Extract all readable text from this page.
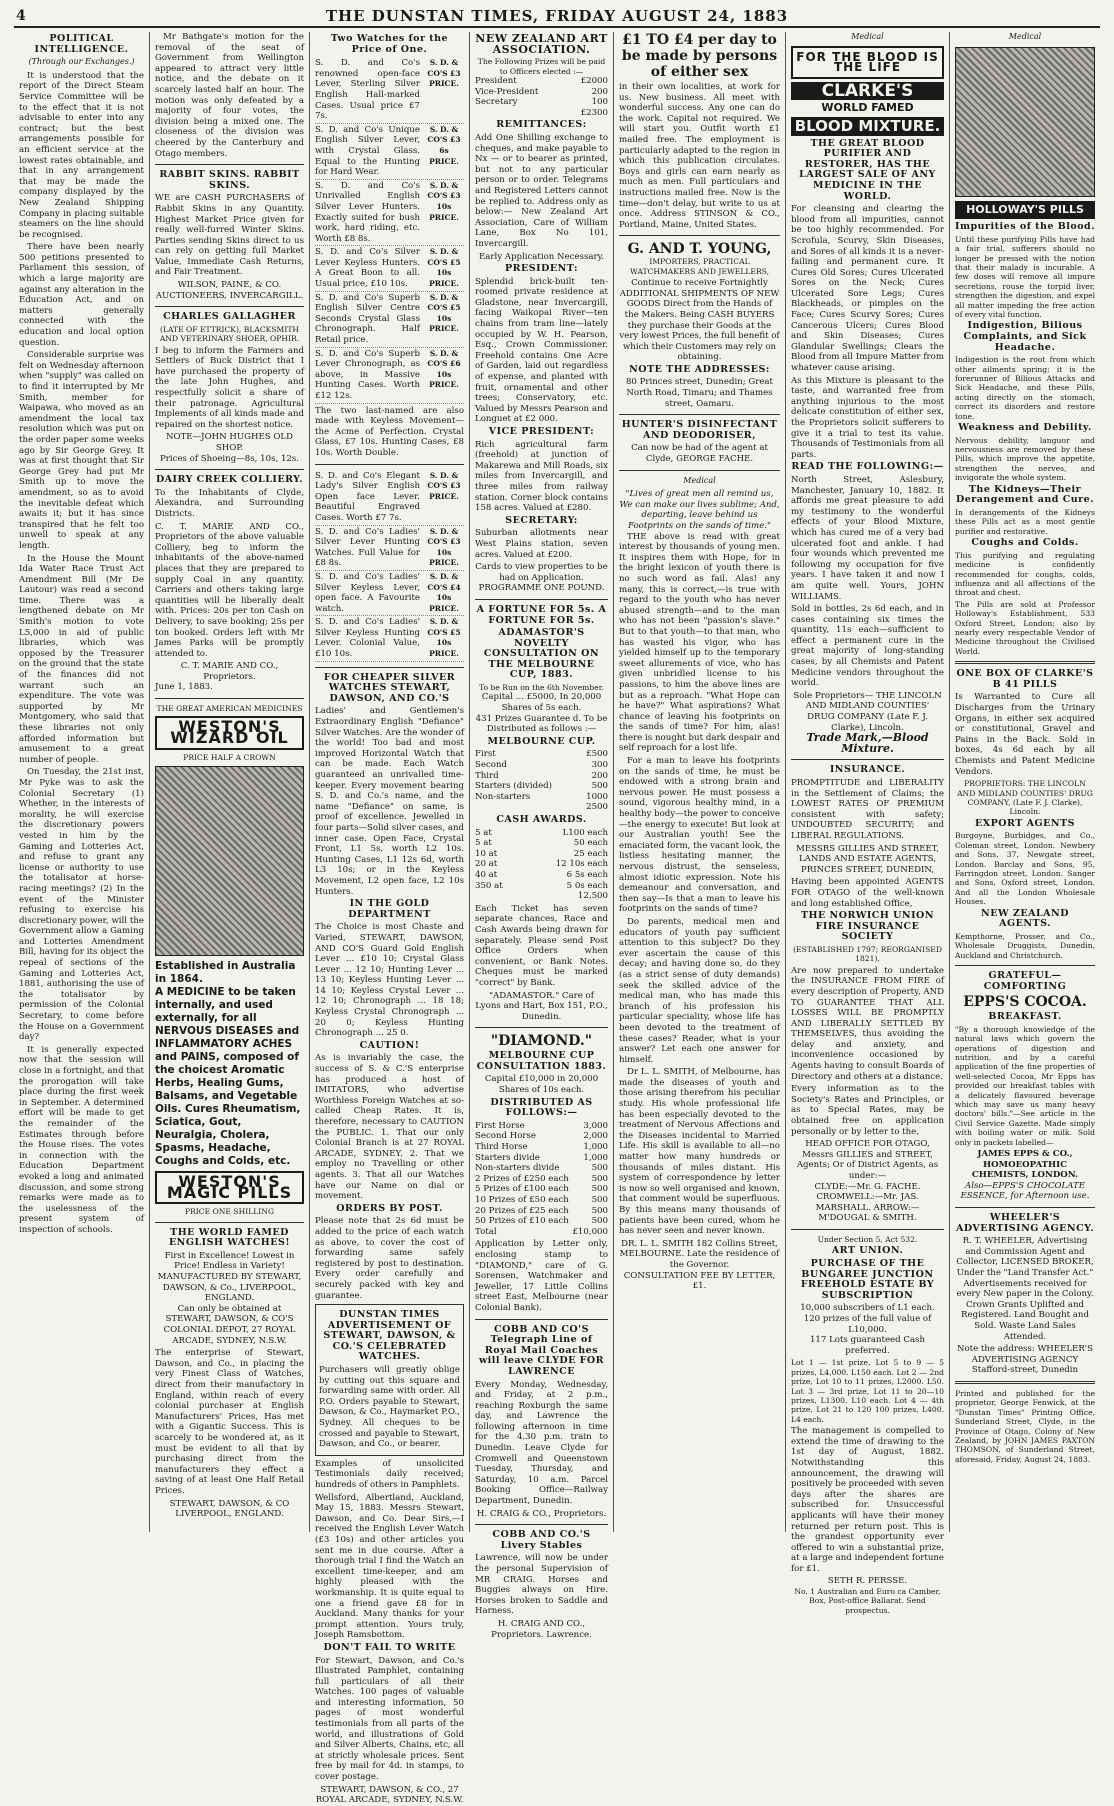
4	THE DUNSTAN TIMES, FRIDAY AUGUST 24, 1883
POLITICAL INTELLIGENCE.
(Through our Exchanges.)

It is understood that the report of the Direct Steam Service Committee will be to the effect that it is not advisable to enter into any contract; but the best arrangements possible for an efficient service at the lowest rates obtainable, and that in any arrangement that may be made the company displayed by the New Zealand Shipping Company in placing suitable steamers on the line should be recognised.

There have been nearly 500 petitions presented to Parliament this session, of which a large majority are against any alteration in the Education Act, and on matters generally connected with the education and local option question.

Considerable surprise was felt on Wednesday afternoon when "supply" was called on to find it interrupted by Mr Smith, member for Waipawa, who moved as an amendment the local tax resolution which was put on the order paper some weeks ago by Sir George Grey. It was at first thought that Sir George Grey had put Mr Smith up to move the amendment, so as to avoid the inevitable defeat which awaits it; but it has since transpired that he felt too unwell to speak at any length.

In the House the Mount Ida Water Race Trust Act Amendment Bill (Mr De Lautour) was read a second time. There was a lengthened debate on Mr Smith's motion to vote L5,000 in aid of public libraries, which was opposed by the Treasurer on the ground that the state of the finances did not warrant such an expenditure. The vote was supported by Mr Montgomery, who said that these libraries not only afforded information but amusement to a great number of people.

On Tuesday, the 21st inst, Mr Pyke was to ask the Colonial Secretary (1) Whether, in the interests of morality, he will exercise the discretionary powers vested in him by the Gaming and Lotteries Act, and refuse to grant any license or authority to use the totalisator at horse-racing meetings? (2) In the event of the Minister refusing to exercise his discretionary power, will the Government allow a Gaming and Lotteries Amendment Bill, having for its object the repeal of sections of the Gaming and Lotteries Act, 1881, authorising the use of the totalisator by permission of the Colonial Secretary, to come before the House on a Government day?

It is generally expected now that the session will close in a fortnight, and that the prorogation will take place during the first week in September. A determined effort will be made to get the remainder of the Estimates through before the House rises. The votes in connection with the Education Department evoked a long and animated discussion, and some strong remarks were made as to the uselessness of the present system of inspection of schools.

Mr Bathgate's motion for the removal of the seat of Government from Wellington appeared to attract very little notice, and the debate on it scarcely lasted half an hour. The motion was only defeated by a majority of four votes, the division being a mixed one. The closeness of the division was cheered by the Canterbury and Otago members.

RABBIT SKINS. RABBIT SKINS.

WE are CASH PURCHASERS of Rabbit Skins in any Quantity. Highest Market Price given for really well-furred Winter Skins. Parties sending Skins direct to us can rely on getting full Market Value, Immediate Cash Returns, and Fair Treatment.

WILSON, PAINE, & CO. AUCTIONEERS, INVERCARGILL.

CHARLES GALLAGHER
(LATE OF ETTRICK), BLACKSMITH AND VETERINARY SHOER, OPHIR.

I beg to inform the Farmers and Settlers of Buck District that I have purchased the property of the late John Hughes, and respectfully solicit a share of their patronage. Agricultural Implements of all kinds made and repaired on the shortest notice.

NOTE—JOHN HUGHES OLD SHOP.

Prices of Shoeing—8s, 10s, 12s.

DAIRY CREEK COLLIERY.

To the Inhabitants of Clyde, Alexandra, and Surrounding Districts.

C. T. MARIE AND CO., Proprietors of the above valuable Colliery, beg to inform the inhabitants of the above-named places that they are prepared to supply Coal in any quantity. Carriers and others taking large quantities will be liberally dealt with. Prices: 20s per ton Cash on Delivery, to save booking; 25s per ton booked. Orders left with Mr James Parks will be promptly attended to.

C. T. MARIE AND CO., Proprietors.

June 1, 1883.

THE GREAT AMERICAN MEDICINES
WESTON'S WIZARD OIL
PRICE HALF A CROWN
Established in Australia in 1864.
A MEDICINE to be taken internally, and used externally, for all NERVOUS DISEASES and INFLAMMATORY ACHES and PAINS, composed of the choicest Aromatic Herbs, Healing Gums, Balsams, and Vegetable Oils. Cures Rheumatism, Sciatica, Gout, Neuralgia, Cholera, Spasms, Headache, Coughs and Colds, etc.
WESTON'S MAGIC PILLS
PRICE ONE SHILLING
THE WORLD FAMED ENGLISH WATCHES!

First in Excellence! Lowest in Price! Endless in Variety!

MANUFACTURED BY STEWART, DAWSON, & Co., LIVERPOOL, ENGLAND.

Can only be obtained at STEWART, DAWSON, & CO'S COLONIAL DEPOT, 27 ROYAL ARCADE, SYDNEY, N.S.W.

The enterprise of Stewart, Dawson, and Co., in placing the very Finest Class of Watches, direct from their manufactory in England, within reach of every colonial purchaser at English Manufacturers' Prices, Has met with a Gigantic Success. This is scarcely to be wondered at, as it must be evident to all that by purchasing direct from the manufacturers they effect a saving of at least One Half Retail Prices.

STEWART, DAWSON, & CO LIVERPOOL, ENGLAND.

Two Watches for the Price of One.
S. D. and Co's renowned open-face Lever, Sterling Silver English Hall-marked Cases. Usual price £7 7s.
S. D. & CO'S £3 PRICE.
S. D. and Co's Unique English Silver Lever, with Crystal Glass. Equal to the Hunting for Hard Wear.
S. D. & CO'S £3 6s PRICE.
S. D. and Co's Unrivalled English Silver Lever Hunters. Exactly suited for bush work, hard riding, etc. Worth £8 8s.
S. D. & CO'S £3 10s PRICE.
S. D. and Co's Silver Lever Keyless Hunters. A Great Boon to all. Usual price, £10 10s.
S. D. & CO'S £5 10s PRICE.
S. D. and Co's Superb English Silver Centre Seconds Crystal Glass Chronograph. Half Retail price.
S. D. & CO'S £5 10s PRICE.
S. D. and Co's Superb Lever Chronograph, as above, in Massive Hunting Cases. Worth £12 12s.
S. D. & CO'S £6 10s PRICE.

The two last-named are also made with Keyless Movement—the Acme of Perfection. Crystal Glass, £7 10s. Hunting Cases, £8 10s. Worth Double.

S. D. and Co's Elegant Lady's Silver English Open face Lever. Beautiful Engraved Cases. Worth £7 7s.
S. D. & CO'S £3 PRICE.
S. D. and Co's Ladies' Silver Lever Hunting Watches. Full Value for £8 8s.
S. D. & CO'S £3 10s PRICE.
S. D. and Co's Ladies' Silver Keyless Lever, open face. A Favourite watch.
S. D. & CO'S £4 10s PRICE.
S. D. and Co's Ladies' Silver Keyless Hunting Lever. Colonial Value, £10 10s.
S. D. & CO'S £5 10s PRICE.
FOR CHEAPER SILVER WATCHES STEWART, DAWSON, AND CO.'S

Ladies' and Gentlemen's Extraordinary English "Defiance" Silver Watches. Are the wonder of the world! Too bad and most improved Horizontal Watch that can be made. Each Watch guaranteed an unrivalled time-keeper. Every movement bearing S. D. and Co.'s name, and the name "Defiance" on same, is proof of excellence. Jewelled in four parts—Solid silver cases, and inner case. Open Face, Crystal Front, L1 5s, worth L2 10s. Hunting Cases, L1 12s 6d, worth L3 10s; or in the Keyless Movement, L2 open face, L2 10s Hunters.

IN THE GOLD DEPARTMENT

The Choice is most Chaste and Varied, STEWART, DAWSON, AND CO'S Guard Gold English Lever ... £10 10; Crystal Glass Lever ... 12 10; Hunting Lever ... 13 10; Keyless Hunting Lever ... 14 10; Keyless Crystal Lever ... 12 10; Chronograph ... 18 18; Keyless Crystal Chronograph ... 20 0; Keyless Hunting Chronograph ... 25 0.

CAUTION!

As is invariably the case, the success of S. & C.'S enterprise has produced a host of IMITATORS, who advertise Worthless Foreign Watches at so-called Cheap Rates. It is, therefore, necessary to CAUTION the PUBLIC. 1. That our only Colonial Branch is at 27 ROYAL ARCADE, SYDNEY. 2. That we employ no Travelling or other agents. 3. That all our Watches have our Name on dial or movement.

ORDERS BY POST.

Please note that 2s 6d must be added to the price of each watch as above, to cover the cost of forwarding same safely registered by post to destination. Every order carefully and securely packed with key and guarantee.

DUNSTAN TIMES ADVERTISEMENT OF STEWART, DAWSON, & CO.'S CELEBRATED WATCHES.

Purchasers will greatly oblige by cutting out this square and forwarding same with order. All P.O. Orders payable to Stewart, Dawson, & Co., Haymarket P.O., Sydney. All cheques to be crossed and payable to Stewart, Dawson, and Co., or bearer.

Examples of unsolicited Testimonials daily received; hundreds of others in Pamphlets.

Wellsford, Albertland, Auckland, May 15, 1883. Messrs Stewart, Dawson, and Co. Dear Sirs,—I received the English Lever Watch (£3 10s) and other articles you sent me in due course. After a thorough trial I find the Watch an excellent time-keeper, and am highly pleased with the workmanship. It is quite equal to one a friend gave £8 for in Auckland. Many thanks for your prompt attention. Yours truly, Joseph Ramsbottom.

DON'T FAIL TO WRITE

For Stewart, Dawson, and Co.'s Illustrated Pamphlet, containing full particulars of all their Watches. 100 pages of valuable and interesting information, 50 pages of most wonderful testimonials from all parts of the world, and illustrations of Gold and Silver Alberts, Chains, etc, all at strictly wholesale prices. Sent free by mail for 4d. in stamps, to cover postage.

STEWART, DAWSON, & CO., 27 ROYAL ARCADE, SYDNEY, N.S.W.

NEW ZEALAND ART ASSOCIATION.
The Following Prizes will be paid to Officers elected :—
President	£2000
Vice-President	200
Secretary	100
£2300
REMITTANCES:

Add One Shilling exchange to cheques, and make payable to Nx — or to bearer as printed, but not to any particular person or to order. Telegrams and Registered Letters cannot be replied to. Address only as below:— New Zealand Art Association, Care of William Lane, Box No 101, Invercargill.

Early Application Necessary.

PRESIDENT:

Splendid brick-built ten-roomed private residence at Gladstone, near Invercargill, facing Waikopai River—ten chains from tram line—lately occupied by W. H. Pearson, Esq., Crown Commissioner. Freehold contains One Acre of Garden, laid out regardless of expense, and planted with fruit, ornamental and other trees; Conservatory, etc. Valued by Messrs Pearson and Longuet at £2 000.

VICE PRESIDENT:

Rich agricultural farm (freehold) at junction of Makarewa and Mill Roads, six miles from Invercargill, and three miles from railway station. Corner block contains 158 acres. Valued at £280.

SECRETARY:

Suburban allotments near West Plains station, seven acres. Valued at £200.

Cards to view properties to be had on Application. PROGRAMME ONE POUND.

A FORTUNE FOR 5s. A FORTUNE FOR 5s.
ADAMASTOR'S NOVELTY CONSULTATION ON THE MELBOURNE CUP, 1883.
To be Run on the 6th November.

Capital ... £5000, In 20,000 Shares of 5s each.

431 Prizes Guarantee d. To be Distributed as follows :—

MELBOURNE CUP.
First	£500
Second	300
Third	200
Starters (divided)	500
Non-starters	1000
2500
CASH AWARDS.
5 at	L100 each
5 at	50 each
10 at	25 each
20 at	12 10s each
40 at	6 5s each
350 at	5 0s each
12,500

Each Ticket has seven separate chances, Race and Cash Awards being drawn for separately. Please send Post Office Orders when convenient, or Bank Notes. Cheques must be marked "correct" by Bank.

"ADAMASTOR." Care of Lyons and Hart, Box 151, P.O., Dunedin.

"DIAMOND."
MELBOURNE CUP CONSULTATION 1883.

Capital £10,000 in 20,000 Shares of 10s each.

DISTRIBUTED AS FOLLOWS:—
First Horse	3,000
Second Horse	2,000
Third Horse	1,000
Starters divide	1,000
Non-starters divide	500
2 Prizes of £250 each	500
5 Prizes of £100 each	500
10 Prizes of £50 each	500
20 Prizes of £25 each	500
50 Prizes of £10 each	500
Total	£10,000

Application by Letter only, enclosing stamp to "DIAMOND," care of G. Sorensen, Watchmaker and Jeweller, 17 Little Collins street East, Melbourne (near Colonial Bank).

COBB AND CO'S Telegraph Line of Royal Mail Coaches will leave CLYDE FOR LAWRENCE

Every Monday, Wednesday, and Friday, at 2 p.m., reaching Roxburgh the same day, and Lawrence the following afternoon in time for the 4.30 p.m. train to Dunedin. Leave Clyde for Cromwell and Queenstown Tuesday, Thursday, and Saturday, 10 a.m. Parcel Booking Office—Railway Department, Dunedin.

H. CRAIG & CO., Proprietors.

COBB AND CO.'S Livery Stables

Lawrence, will now be under the personal Supervision of MR CRAIG. Horses and Buggies always on Hire. Horses broken to Saddle and Harness.

H. CRAIG AND CO., Proprietors. Lawrence.

£1 TO £4 per day to be made by persons of either sex

in their own localities, at work for us. New business. All meet with wonderful success. Any one can do the work. Capital not required. We will start you. Outfit worth £1 mailed free. The employment is particularly adapted to the region in which this publication circulates. Boys and girls can earn nearly as much as men. Full particulars and instructions mailed free. Now is the time—don't delay, but write to us at once. Address STINSON & CO., Portland, Maine, United States.

G. AND T. YOUNG,
IMPORTERS, PRACTICAL WATCHMAKERS AND JEWELLERS,

Continue to receive Fortnightly ADDITIONAL SHIPMENTS OF NEW GOODS Direct from the Hands of the Makers. Being CASH BUYERS they purchase their Goods at the very lowest Prices, the full benefit of which their Customers may rely on obtaining.

NOTE THE ADDRESSES:

80 Princes street, Dunedin; Great North Road, Timaru; and Thames street, Oamaru.

HUNTER'S DISINFECTANT AND DEODORISER,

Can now be had of the agent at Clyde, GEORGE FACHE.

Medical

"Lives of great men all remind us, We can make our lives sublime; And, departing, leave behind us Footprints on the sands of time."

THE above is read with great interest by thousands of young men. It inspires them with Hope, for in the bright lexicon of youth there is no such word as fail. Alas! any many, this is correct,—is true with regard to the youth who has never abused strength—and to the man who has not been "passion's slave." But to that youth—to that man, who has wasted his vigor, who has yielded himself up to the temporary sweet allurements of vice, who has given unbridled license to his passions, to him the above lines are but as a reproach. "What Hope can he have?" What aspirations? What chance of leaving his footprints on the sands of time? For him, alas! there is nought but dark despair and self reproach for a lost life.

For a man to leave his footprints on the sands of time, he must be endowed with a strong brain and nervous power. He must possess a sound, vigorous healthy mind, in a healthy body—the power to conceive—the energy to execute! But look at our Australian youth! See the emaciated form, the vacant look, the listless hesitating manner, the nervous distrust, the senseless, almost idiotic expression. Note his demeanour and conversation, and then say—Is that a man to leave his footprints on the sands of time?

Do parents, medical men and educators of youth pay sufficient attention to this subject? Do they ever ascertain the cause of this decay; and having done so, do they (as a strict sense of duty demands) seek the skilled advice of the medical man, who has made this branch of his profession his particular speciality, whose life has been devoted to the treatment of these cases? Reader, what is your answer? Let each one answer for himself.

Dr L. L. SMITH, of Melbourne, has made the diseases of youth and those arising therefrom his peculiar study. His whole professional life has been especially devoted to the treatment of Nervous Affections and the Diseases incidental to Married Life. His skill is available to all—no matter how many hundreds or thousands of miles distant. His system of correspondence by letter is now so well organised and known, that comment would be superfluous. By this means many thousands of patients have been cured, whom he has never seen and never known.

DR. L. L. SMITH 182 Collins Street, MELBOURNE. Late the residence of the Governor.

CONSULTATION FEE BY LETTER, £1.

Medical
FOR THE BLOOD IS THE LIFE
CLARKE'S
WORLD FAMED
BLOOD MIXTURE.
THE GREAT BLOOD PURIFIER AND RESTORER, HAS THE LARGEST SALE OF ANY MEDICINE IN THE WORLD.

For cleansing and clearing the blood from all impurities, cannot be too highly recommended. For Scrofula, Scurvy, Skin Diseases, and Sores of all kinds it is a never-failing and permanent cure. It Cures Old Sores; Cures Ulcerated Sores on the Neck; Cures Ulcerated Sore Legs; Cures Blackheads, or pimples on the Face; Cures Scurvy Sores; Cures Cancerous Ulcers; Cures Blood and Skin Diseases; Cures Glandular Swellings; Clears the Blood from all Impure Matter from whatever cause arising.

As this Mixture is pleasant to the taste, and warranted free from anything injurious to the most delicate constitution of either sex, the Proprietors solicit sufferers to give it a trial to test its value. Thousands of Testimonials from all parts.

READ THE FOLLOWING:—

North Street, Aslesbury, Manchester, January 10, 1882. It affords me great pleasure to add my testimony to the wonderful effects of your Blood Mixture, which has cured me of a very bad ulcerated foot and ankle. I had four wounds which prevented me following my occupation for five years. I have taken it and now I am quite well. Yours, JOHN WILLIAMS.

Sold in bottles, 2s 6d each, and in cases containing six times the quantity, 11s each—sufficient to effect a permanent cure in the great majority of long-standing cases, by all Chemists and Patent Medicine vendors throughout the world.

Sole Proprietors— THE LINCOLN AND MIDLAND COUNTIES' DRUG COMPANY (Late F. J. Clarke), Lincoln.

Trade Mark,—Blood Mixture.

INSURANCE.

PROMPTITUDE and LIBERALITY in the Settlement of Claims; the LOWEST RATES OF PREMIUM consistent with safety; UNDOUBTED SECURITY; and LIBERAL REGULATIONS.

MESSRS GILLIES AND STREET, LANDS AND ESTATE AGENTS, PRINCES STREET, DUNEDIN,

Having been appointed AGENTS FOR OTAGO of the well-known and long established Office,

THE NORWICH UNION FIRE INSURANCE SOCIETY
(ESTABLISHED 1797; REORGANISED 1821),

Are now prepared to undertake the INSURANCE FROM FIRE of every description of Property, AND TO GUARANTEE THAT ALL LOSSES WILL BE PROMPTLY AND LIBERALLY SETTLED BY THEMSELVES, thus avoiding the delay and anxiety, and inconvenience occasioned by Agents having to consult Boards of Directory and others at a distance.

Every information as to the Society's Rates and Principles, or as to Special Rates, may be obtained free on application personally or by letter to the,

HEAD OFFICE FOR OTAGO, Messrs GILLIES and STREET, Agents; Or of District Agents, as under:—

CLYDE:—Mr. G. FACHE. CROMWELL:—Mr. JAS. MARSHALL. ARROW:—M'DOUGAL & SMITH.

Under Section 5, Act 532.

ART UNION.
PURCHASE OF THE BUNGAREE JUNCTION FREEHOLD ESTATE BY SUBSCRIPTION

10,000 subscribers of L1 each.

120 prizes of the full value of L10,000.

117 Lots guaranteed Cash preferred.

Lot 1 — 1st prize, Lot 5 to 9 — 5 prizes, L4,000. L150 each. Lot 2 — 2nd prize, Lot 10 to 11 prizes, L2000. L50. Lot 3 — 3rd prize, Lot 11 to 20—10 prizes, L1300. L10 each. Lot 4 — 4th prize, Lot 21 to 120 100 prizes, L400. L4 each.

The management is compelled to extend the time of drawing to the 1st day of August, 1882. Notwithstanding this announcement, the drawing will positively be proceeded with seven days after the shares are subscribed for. Unsuccessful applicants will have their money returned per return post. This is the grandest opportunity ever offered to win a substantial prize, at a large and independent fortune for £1.

SETH R. PERSSE.

No. 1 Australian and Euro ca Camber, Box, Post-office Ballarat. Send prospectus.

Medical
HOLLOWAY'S PILLS
Impurities of the Blood.

Until these purifying Pills have had a fair trial, sufferers should no longer be pressed with the notion that their malady is incurable. A few doses will remove all impure secretions, rouse the torpid liver, strengthen the digestion, and expel all matter impeding the free action of every vital function.

Indigestion, Bilious Complaints, and Sick Headache.

Indigestion is the root from which other ailments spring; it is the forerunner of Bilious Attacks and Sick Headache, and these Pills, acting directly on the stomach, correct its disorders and restore tone.

Weakness and Debility.

Nervous debility, languor and nervousness are removed by these Pills, which improve the appetite, strengthen the nerves, and invigorate the whole system.

The Kidneys—Their Derangement and Cure.

In derangements of the Kidneys these Pills act as a most gentle purifier and restorative.

Coughs and Colds.

This purifying and regulating medicine is confidently recommended for coughs, colds, influenza and all affections of the throat and chest.

The Pills are sold at Professor Holloway's Establishment, 533 Oxford Street, London; also by nearly every respectable Vendor of Medicine throughout the Civilised World.

ONE BOX OF CLARKE'S B 41 PILLS

Is Warranted to Cure all Discharges from the Urinary Organs, in either sex acquired or constitutional, Gravel and Pains in the Back. Sold in boxes, 4s 6d each by all Chemists and Patent Medicine Vendors.

PROPRIETORS: THE LINCOLN AND MIDLAND COUNTIES' DRUG COMPANY, (Late F. J. Clarke), Lincoln.

EXPORT AGENTS

Burgoyne, Burbidges, and Co., Coleman street, London. Newbery and Sons, 37, Newgate street, London. Barclay and Sons, 95, Farringdon street, London. Sanger and Sons, Oxford street, London. And all the London Wholesale Houses.

NEW ZEALAND AGENTS.

Kempthorne, Prosser, and Co., Wholesale Druggists, Dunedin, Auckland and Christchurch.

GRATEFUL—COMFORTING
EPPS'S COCOA.
BREAKFAST.

"By a thorough knowledge of the natural laws which govern the operations of digestion and nutrition, and by a careful application of the fine properties of well-selected Cocoa, Mr Epps has provided our breakfast tables with a delicately flavoured beverage which may save us many heavy doctors' bills."—See article in the Civil Service Gazette. Made simply with boiling water or milk. Sold only in packets labelled—

JAMES EPPS & CO., HOMOEOPATHIC CHEMISTS, LONDON.

Also—EPPS'S CHOCOLATE ESSENCE, for Afternoon use.

WHEELER'S ADVERTISING AGENCY.

R. T. WHEELER, Advertising and Commission Agent and Collector, LICENSED BROKER, Under the "Land Transfer Act." Advertisements received for every New paper in the Colony. Crown Grants Uplifted and Registered. Land Bought and Sold. Waste Land Sales Attended.

Note the address: WHEELER'S ADVERTISING AGENCY Stafford-street, Dunedin

Printed and published for the proprietor, George Fenwick, at the "Dunstan Times" Printing Office, Sunderland Street, Clyde, in the Province of Otago, Colony of New Zealand, by JOHN JAMES PAXTON THOMSON, of Sunderland Street, aforesaid, Friday, August 24, 1883.
